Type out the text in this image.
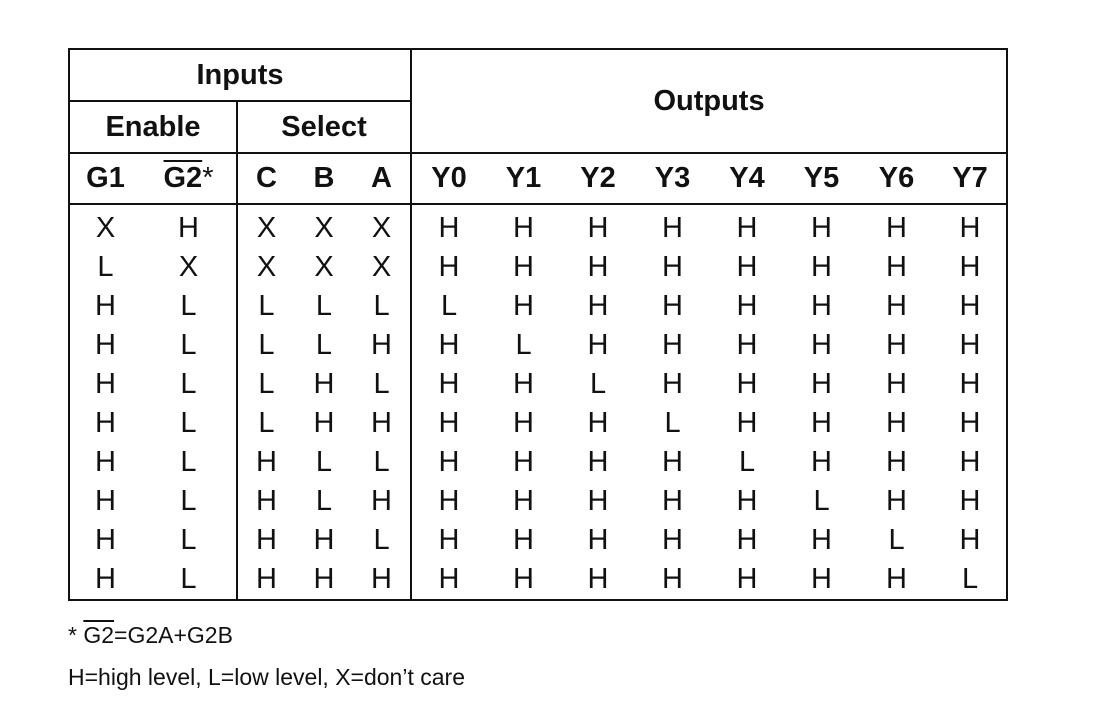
Inputs					Outputs							
Enable		Select										
G1	G2*	C	B	A	Y0	Y1	Y2	Y3	Y4	Y5	Y6	Y7
X	H	X	X	X	H	H	H	H	H	H	H	H
L	X	X	X	X	H	H	H	H	H	H	H	H
H	L	L	L	L	L	H	H	H	H	H	H	H
H	L	L	L	H	H	L	H	H	H	H	H	H
H	L	L	H	L	H	H	L	H	H	H	H	H
H	L	L	H	H	H	H	H	L	H	H	H	H
H	L	H	L	L	H	H	H	H	L	H	H	H
H	L	H	L	H	H	H	H	H	H	L	H	H
H	L	H	H	L	H	H	H	H	H	H	L	H
H	L	H	H	H	H	H	H	H	H	H	H	L
* G2=G2A+G2B
H=high level, L=low level, X=don’t care
